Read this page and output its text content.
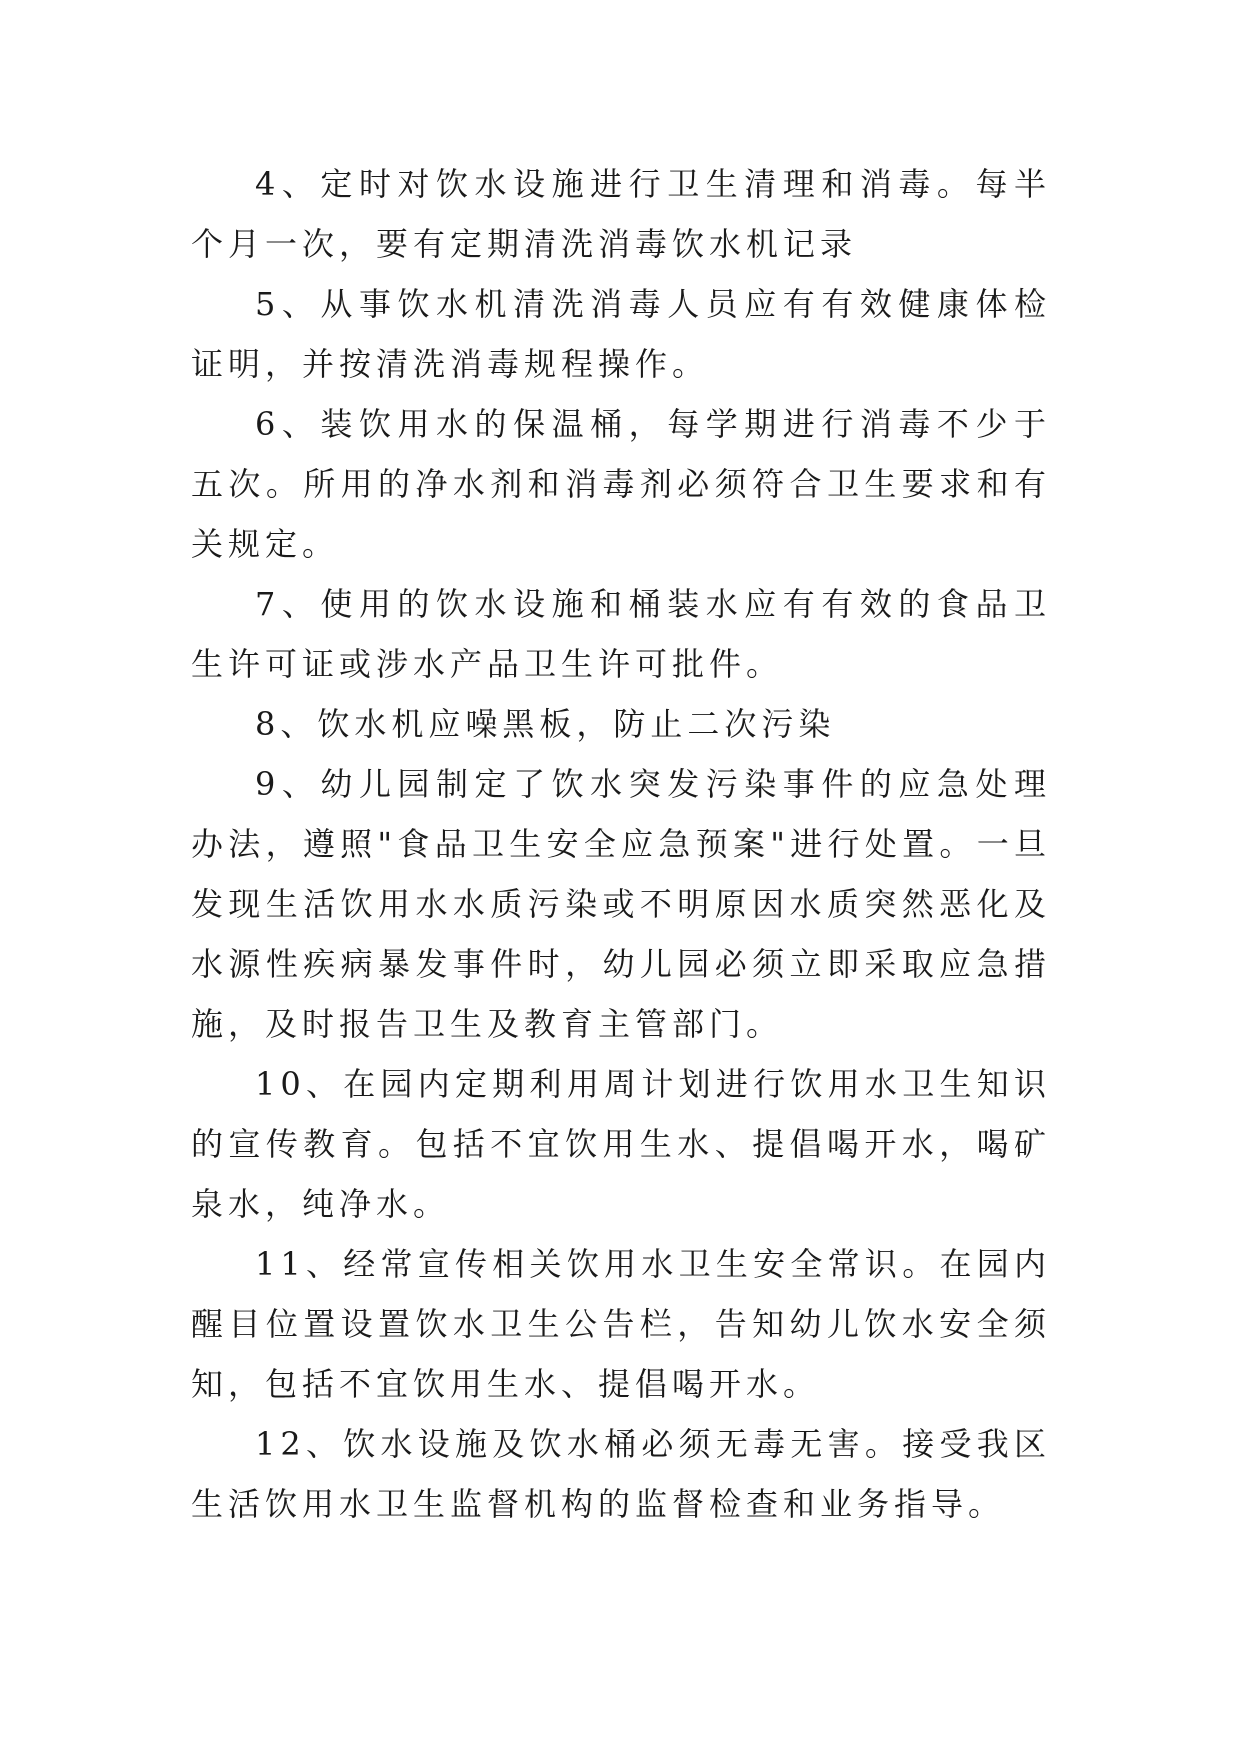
4、定时对饮水设施进行卫生清理和消毒。每半个月一次，要有定期清洗消毒饮水机记录

5、从事饮水机清洗消毒人员应有有效健康体检证明，并按清洗消毒规程操作。

6、装饮用水的保温桶，每学期进行消毒不少于五次。所用的净水剂和消毒剂必须符合卫生要求和有关规定。

7、使用的饮水设施和桶装水应有有效的食品卫生许可证或涉水产品卫生许可批件。

8、饮水机应噪黑板，防止二次污染

9、幼儿园制定了饮水突发污染事件的应急处理办法，遵照"食品卫生安全应急预案"进行处置。一旦发现生活饮用水水质污染或不明原因水质突然恶化及水源性疾病暴发事件时，幼儿园必须立即采取应急措施，及时报告卫生及教育主管部门。

10、在园内定期利用周计划进行饮用水卫生知识的宣传教育。包括不宜饮用生水、提倡喝开水，喝矿泉水，纯净水。

11、经常宣传相关饮用水卫生安全常识。在园内醒目位置设置饮水卫生公告栏，告知幼儿饮水安全须知，包括不宜饮用生水、提倡喝开水。

12、饮水设施及饮水桶必须无毒无害。接受我区生活饮用水卫生监督机构的监督检查和业务指导。
